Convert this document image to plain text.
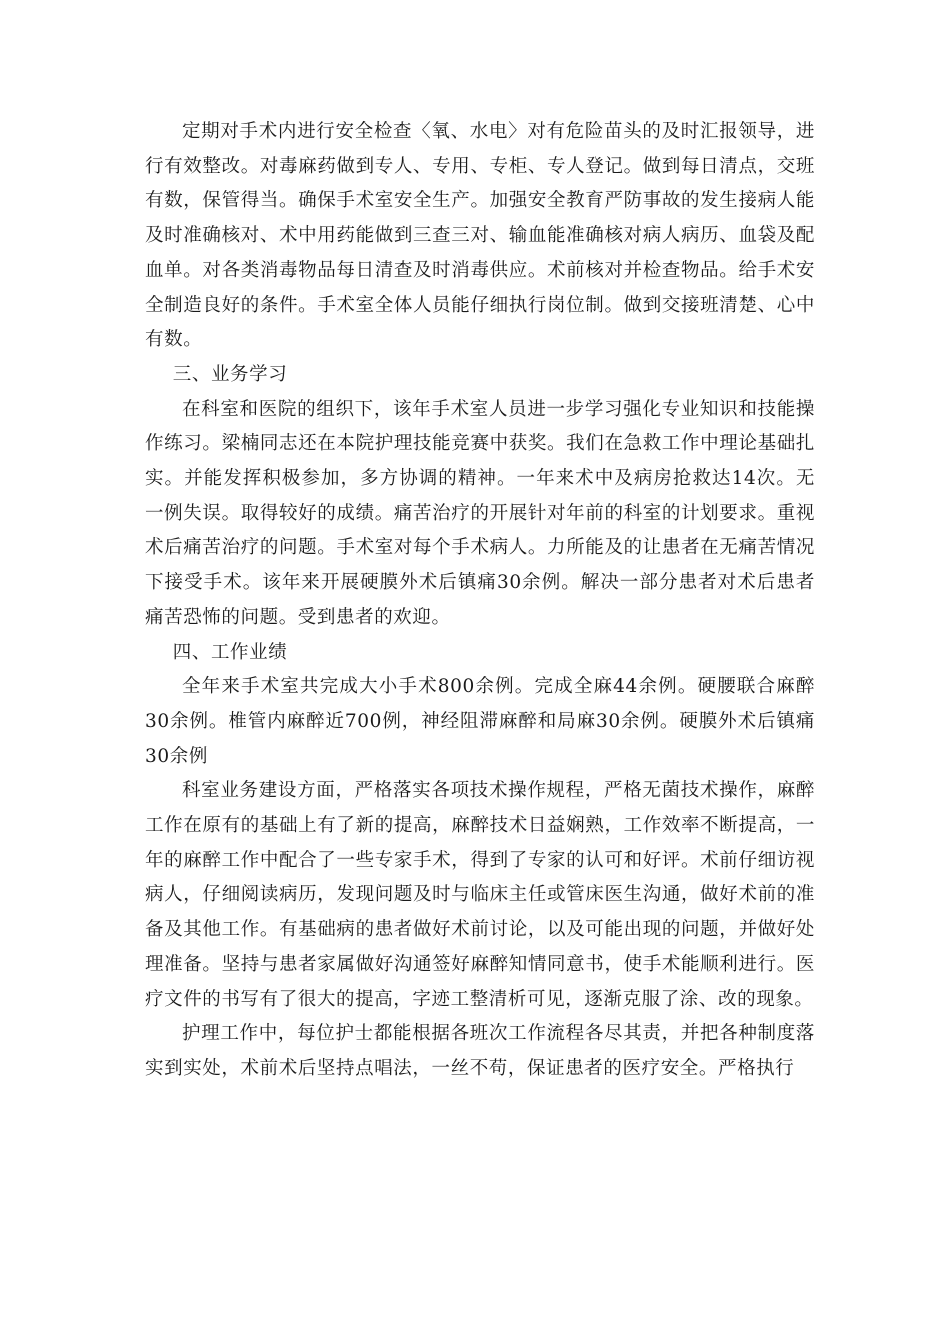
定期对手术内进行安全检查〈氧、水电〉对有危险苗头的及时汇报领导，进行有效整改。对毒麻药做到专人、专用、专柜、专人登记。做到每日清点，交班有数，保管得当。确保手术室安全生产。加强安全教育严防事故的发生接病人能及时准确核对、术中用药能做到三查三对、输血能准确核对病人病历、血袋及配血单。对各类消毒物品每日清查及时消毒供应。术前核对并检查物品。给手术安全制造良好的条件。手术室全体人员能仔细执行岗位制。做到交接班清楚、心中有数。

三、业务学习

在科室和医院的组织下，该年手术室人员进一步学习强化专业知识和技能操作练习。梁楠同志还在本院护理技能竞赛中获奖。我们在急救工作中理论基础扎实。并能发挥积极参加，多方协调的精神。一年来术中及病房抢救达14次。无一例失误。取得较好的成绩。痛苦治疗的开展针对年前的科室的计划要求。重视术后痛苦治疗的问题。手术室对每个手术病人。力所能及的让患者在无痛苦情况下接受手术。该年来开展硬膜外术后镇痛30余例。解决一部分患者对术后患者痛苦恐怖的问题。受到患者的欢迎。

四、工作业绩

全年来手术室共完成大小手术800余例。完成全麻44余例。硬腰联合麻醉30余例。椎管内麻醉近700例，神经阻滞麻醉和局麻30余例。硬膜外术后镇痛30余例

科室业务建设方面，严格落实各项技术操作规程，严格无菌技术操作，麻醉工作在原有的基础上有了新的提高，麻醉技术日益娴熟，工作效率不断提高，一年的麻醉工作中配合了一些专家手术，得到了专家的认可和好评。术前仔细访视病人，仔细阅读病历，发现问题及时与临床主任或管床医生沟通，做好术前的准备及其他工作。有基础病的患者做好术前讨论，以及可能出现的问题，并做好处理准备。坚持与患者家属做好沟通签好麻醉知情同意书，使手术能顺利进行。医疗文件的书写有了很大的提高，字迹工整清析可见，逐渐克服了涂、改的现象。

护理工作中，每位护士都能根据各班次工作流程各尽其责，并把各种制度落实到实处，术前术后坚持点唱法，一丝不苟，保证患者的医疗安全。严格执行
